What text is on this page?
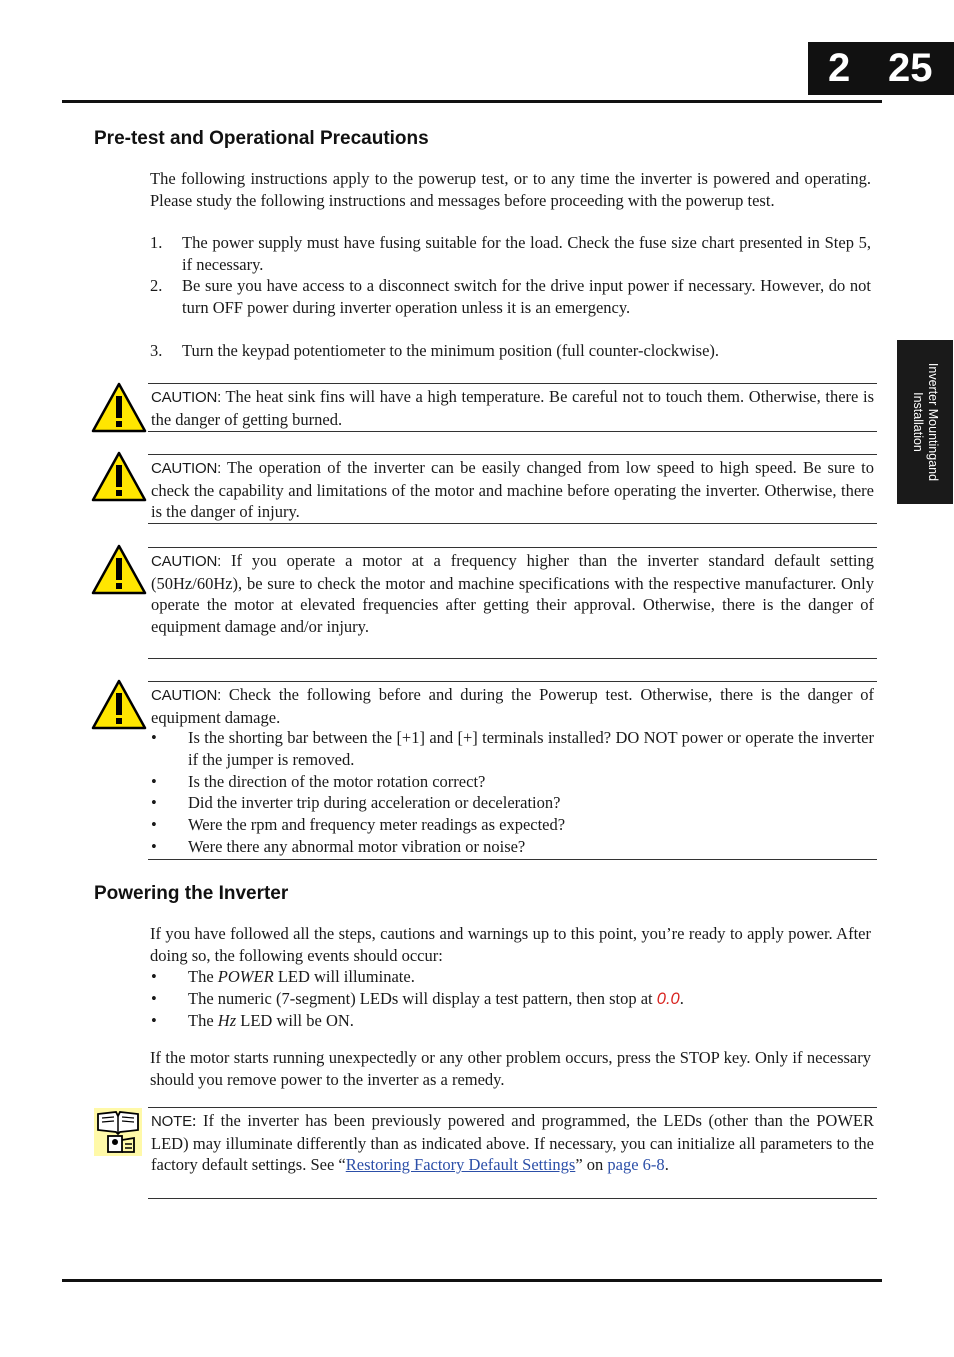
2 25
Inverter Mountingand Installation
Pre-test and Operational Precautions
The following instructions apply to the powerup test, or to any time the inverter is powered and operating. Please study the following instructions and messages before proceeding with the powerup test.
1. The power supply must have fusing suitable for the load. Check the fuse size chart presented in Step 5, if necessary.
2. Be sure you have access to a disconnect switch for the drive input power if necessary. However, do not turn OFF power during inverter operation unless it is an emergency.
3. Turn the keypad potentiometer to the minimum position (full counter-clockwise).
CAUTION: The heat sink fins will have a high temperature. Be careful not to touch them. Otherwise, there is the danger of getting burned.
CAUTION: The operation of the inverter can be easily changed from low speed to high speed. Be sure to check the capability and limitations of the motor and machine before operating the inverter. Otherwise, there is the danger of injury.
CAUTION: If you operate a motor at a frequency higher than the inverter standard default setting (50Hz/60Hz), be sure to check the motor and machine specifications with the respective manufacturer. Only operate the motor at elevated frequencies after getting their approval. Otherwise, there is the danger of equipment damage and/or injury.
CAUTION: Check the following before and during the Powerup test. Otherwise, there is the danger of equipment damage.
• Is the shorting bar between the [+1] and [+] terminals installed? DO NOT power or operate the inverter if the jumper is removed.
• Is the direction of the motor rotation correct?
• Did the inverter trip during acceleration or deceleration?
• Were the rpm and frequency meter readings as expected?
• Were there any abnormal motor vibration or noise?
Powering the Inverter
If you have followed all the steps, cautions and warnings up to this point, you’re ready to apply power. After doing so, the following events should occur:
• The POWER LED will illuminate.
• The numeric (7-segment) LEDs will display a test pattern, then stop at 0.0.
• The Hz LED will be ON.
If the motor starts running unexpectedly or any other problem occurs, press the STOP key. Only if necessary should you remove power to the inverter as a remedy.
NOTE: If the inverter has been previously powered and programmed, the LEDs (other than the POWER LED) may illuminate differently than as indicated above. If necessary, you can initialize all parameters to the factory default settings. See “Restoring Factory Default Settings” on page 6-8.
